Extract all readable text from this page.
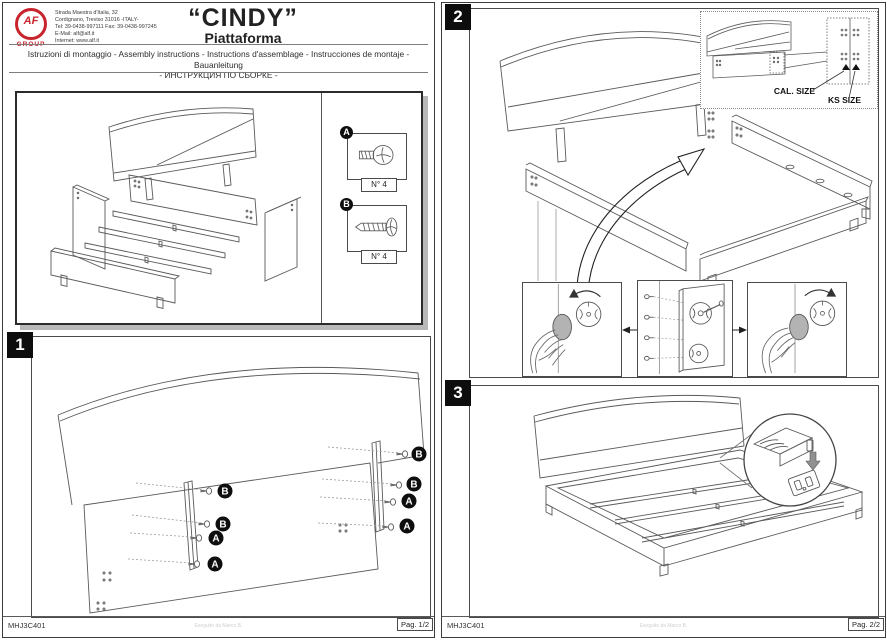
AF
GROUP
Strada Maestra d'Italia, 32
Cordignano, Treviso 31016 -ITALY-
Tel: 39-0438-997111 Fax: 39-0438-997245
E-Mail: alf@alf.it
Internet: www.alf.it
“CINDY”
Piattaforma
Istruzioni di montaggio - Assembly instructions - Instructions d'assemblage - Instrucciones de montaje - Bauanleitung
- ИНСТРУКЦИЯ ПО СБОРКЕ -
A
N° 4
B
N° 4
1
B
B
A
A
B
B
A
A
MHJ3C401	Eseguito da Marco B.	Pag. 1/2
2
CAL. SIZE
KS SIZE
3
MHJ3C401	Eseguito da Marco B.	Pag. 2/2
